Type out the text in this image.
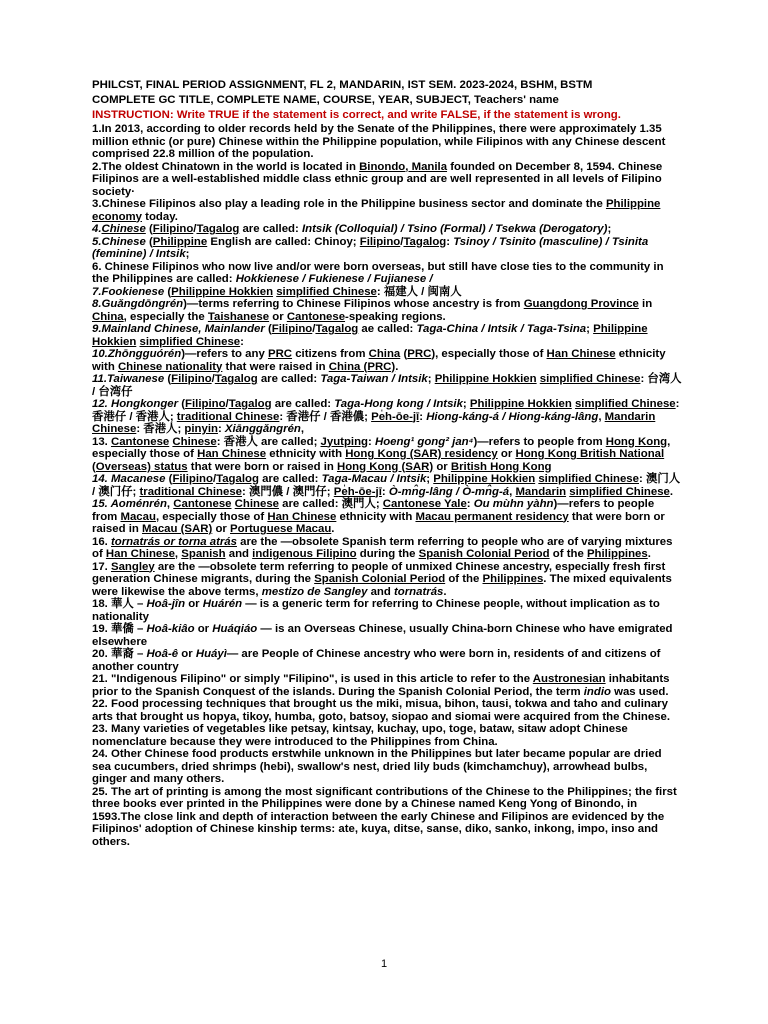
PHILCST, FINAL PERIOD ASSIGNMENT, FL 2, MANDARIN, IST SEM. 2023-2024, BSHM, BSTM
COMPLETE GC TITLE, COMPLETE NAME, COURSE, YEAR, SUBJECT, Teachers' name
INSTRUCTION: Write TRUE if the statement is correct, and write FALSE, if the statement is wrong.
1.In 2013, according to older records held by the Senate of the Philippines, there were approximately 1.35 million ethnic (or pure) Chinese within the Philippine population, while Filipinos with any Chinese descent comprised 22.8 million of the population.
2.The oldest Chinatown in the world is located in Binondo, Manila founded on December 8, 1594. Chinese Filipinos are a well-established middle class ethnic group and are well represented in all levels of Filipino society·
3.Chinese Filipinos also play a leading role in the Philippine business sector and dominate the Philippine economy today.
4.Chinese (Filipino/Tagalog are called: Intsik (Colloquial) / Tsino (Formal) / Tsekwa (Derogatory);
5.Chinese (Philippine English are called: Chinoy; Filipino/Tagalog: Tsinoy / Tsinito (masculine) / Tsinita (feminine) / Intsik;
6. Chinese Filipinos who now live and/or were born overseas, but still have close ties to the community in the Philippines are called: Hokkienese / Fukienese / Fujianese /
7.Fookienese (Philippine Hokkien simplified Chinese: 福建人 / 闽南人
8.Guǎngdōngrén)—terms referring to Chinese Filipinos whose ancestry is from Guangdong Province in China, especially the Taishanese or Cantonese-speaking regions.
9.Mainland Chinese, Mainlander (Filipino/Tagalog ae called: Taga-China / Intsik / Taga-Tsina; Philippine Hokkien simplified Chinese:
10.Zhōngguórén)—refers to any PRC citizens from China (PRC), especially those of Han Chinese ethnicity with Chinese nationality that were raised in China (PRC).
11.Taiwanese (Filipino/Tagalog are called: Taga-Taiwan / Intsik; Philippine Hokkien simplified Chinese: 台湾人 / 台湾仔
12. Hongkonger (Filipino/Tagalog are called: Taga-Hong kong / Intsik; Philippine Hokkien simplified Chinese: 香港仔 / 香港人; traditional Chinese: 香港仔 / 香港儂; Pe̍h-ōe-jī: Hiong-káng-á / Hiong-káng-lâng, Mandarin Chinese: 香港人; pinyin: Xiānggǎngrén,
13. Cantonese Chinese: 香港人 are called; Jyutping: Hoeng¹ gong² jan⁴)—refers to people from Hong Kong, especially those of Han Chinese ethnicity with Hong Kong (SAR) residency or Hong Kong British National (Overseas) status that were born or raised in Hong Kong (SAR) or British Hong Kong
14. Macanese (Filipino/Tagalog are called: Taga-Macau / Intsik; Philippine Hokkien simplified Chinese: 澳门人 / 澳门仔; traditional Chinese: 澳門儂 / 澳門仔; Pe̍h-ōe-jī: Ò-mn̂g-lâng / Ò-mn̂g-á, Mandarin simplified Chinese.
15. Aoménrén, Cantonese Chinese are called: 澳門人; Cantonese Yale: Ou mùhn yàhn)—refers to people from Macau, especially those of Han Chinese ethnicity with Macau permanent residency that were born or raised in Macau (SAR) or Portuguese Macau.
16. tornatrás or torna atrás are the —obsolete Spanish term referring to people who are of varying mixtures of Han Chinese, Spanish and indigenous Filipino during the Spanish Colonial Period of the Philippines.
17. Sangley are the —obsolete term referring to people of unmixed Chinese ancestry, especially fresh first generation Chinese migrants, during the Spanish Colonial Period of the Philippines. The mixed equivalents were likewise the above terms, mestizo de Sangley and tornatrás.
18. 華人 – Hoâ-jîn or Huárén — is a generic term for referring to Chinese people, without implication as to nationality
19. 華僑 – Hoâ-kiâo or Huáqiáo — is an Overseas Chinese, usually China-born Chinese who have emigrated elsewhere
20. 華裔 – Hoâ-ê or Huáyì— are People of Chinese ancestry who were born in, residents of and citizens of another country
21. "Indigenous Filipino" or simply "Filipino", is used in this article to refer to the Austronesian inhabitants prior to the Spanish Conquest of the islands. During the Spanish Colonial Period, the term indio was used.
22. Food processing techniques that brought us the miki, misua, bihon, tausi, tokwa and taho and culinary arts that brought us hopya, tikoy, humba, goto, batsoy, siopao and siomai were acquired from the Chinese.
23. Many varieties of vegetables like petsay, kintsay, kuchay, upo, toge, bataw, sitaw adopt Chinese nomenclature because they were introduced to the Philippines from China.
24. Other Chinese food products erstwhile unknown in the Philippines but later became popular are dried sea cucumbers, dried shrimps (hebi), swallow's nest, dried lily buds (kimchamchuy), arrowhead bulbs, ginger and many others.
25. The art of printing is among the most significant contributions of the Chinese to the Philippines; the first three books ever printed in the Philippines were done by a Chinese named Keng Yong of Binondo, in 1593.The close link and depth of interaction between the early Chinese and Filipinos are evidenced by the Filipinos' adoption of Chinese kinship terms: ate, kuya, ditse, sanse, diko, sanko, inkong, impo, inso and others.
1
